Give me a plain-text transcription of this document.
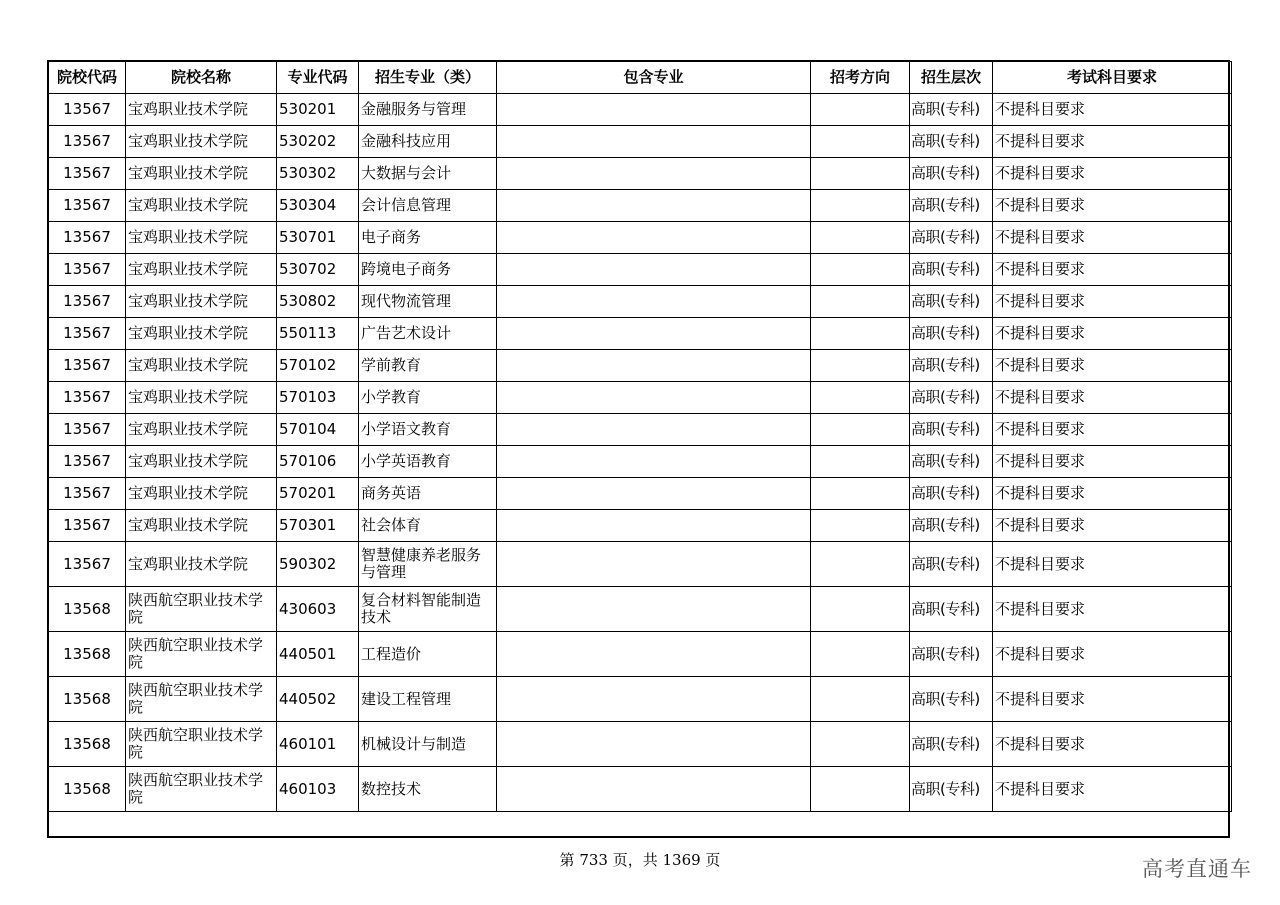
院校代码	院校名称	专业代码	招生专业（类）	包含专业	招考方向	招生层次	考试科目要求
13567	宝鸡职业技术学院	530201	金融服务与管理			高职(专科)	不提科目要求
13567	宝鸡职业技术学院	530202	金融科技应用			高职(专科)	不提科目要求
13567	宝鸡职业技术学院	530302	大数据与会计			高职(专科)	不提科目要求
13567	宝鸡职业技术学院	530304	会计信息管理			高职(专科)	不提科目要求
13567	宝鸡职业技术学院	530701	电子商务			高职(专科)	不提科目要求
13567	宝鸡职业技术学院	530702	跨境电子商务			高职(专科)	不提科目要求
13567	宝鸡职业技术学院	530802	现代物流管理			高职(专科)	不提科目要求
13567	宝鸡职业技术学院	550113	广告艺术设计			高职(专科)	不提科目要求
13567	宝鸡职业技术学院	570102	学前教育			高职(专科)	不提科目要求
13567	宝鸡职业技术学院	570103	小学教育			高职(专科)	不提科目要求
13567	宝鸡职业技术学院	570104	小学语文教育			高职(专科)	不提科目要求
13567	宝鸡职业技术学院	570106	小学英语教育			高职(专科)	不提科目要求
13567	宝鸡职业技术学院	570201	商务英语			高职(专科)	不提科目要求
13567	宝鸡职业技术学院	570301	社会体育			高职(专科)	不提科目要求
13567	宝鸡职业技术学院	590302	智慧健康养老服务与管理			高职(专科)	不提科目要求
13568	陕西航空职业技术学院	430603	复合材料智能制造技术			高职(专科)	不提科目要求
13568	陕西航空职业技术学院	440501	工程造价			高职(专科)	不提科目要求
13568	陕西航空职业技术学院	440502	建设工程管理			高职(专科)	不提科目要求
13568	陕西航空职业技术学院	460101	机械设计与制造			高职(专科)	不提科目要求
13568	陕西航空职业技术学院	460103	数控技术			高职(专科)	不提科目要求
第 733 页，共 1369 页	高考直通车
